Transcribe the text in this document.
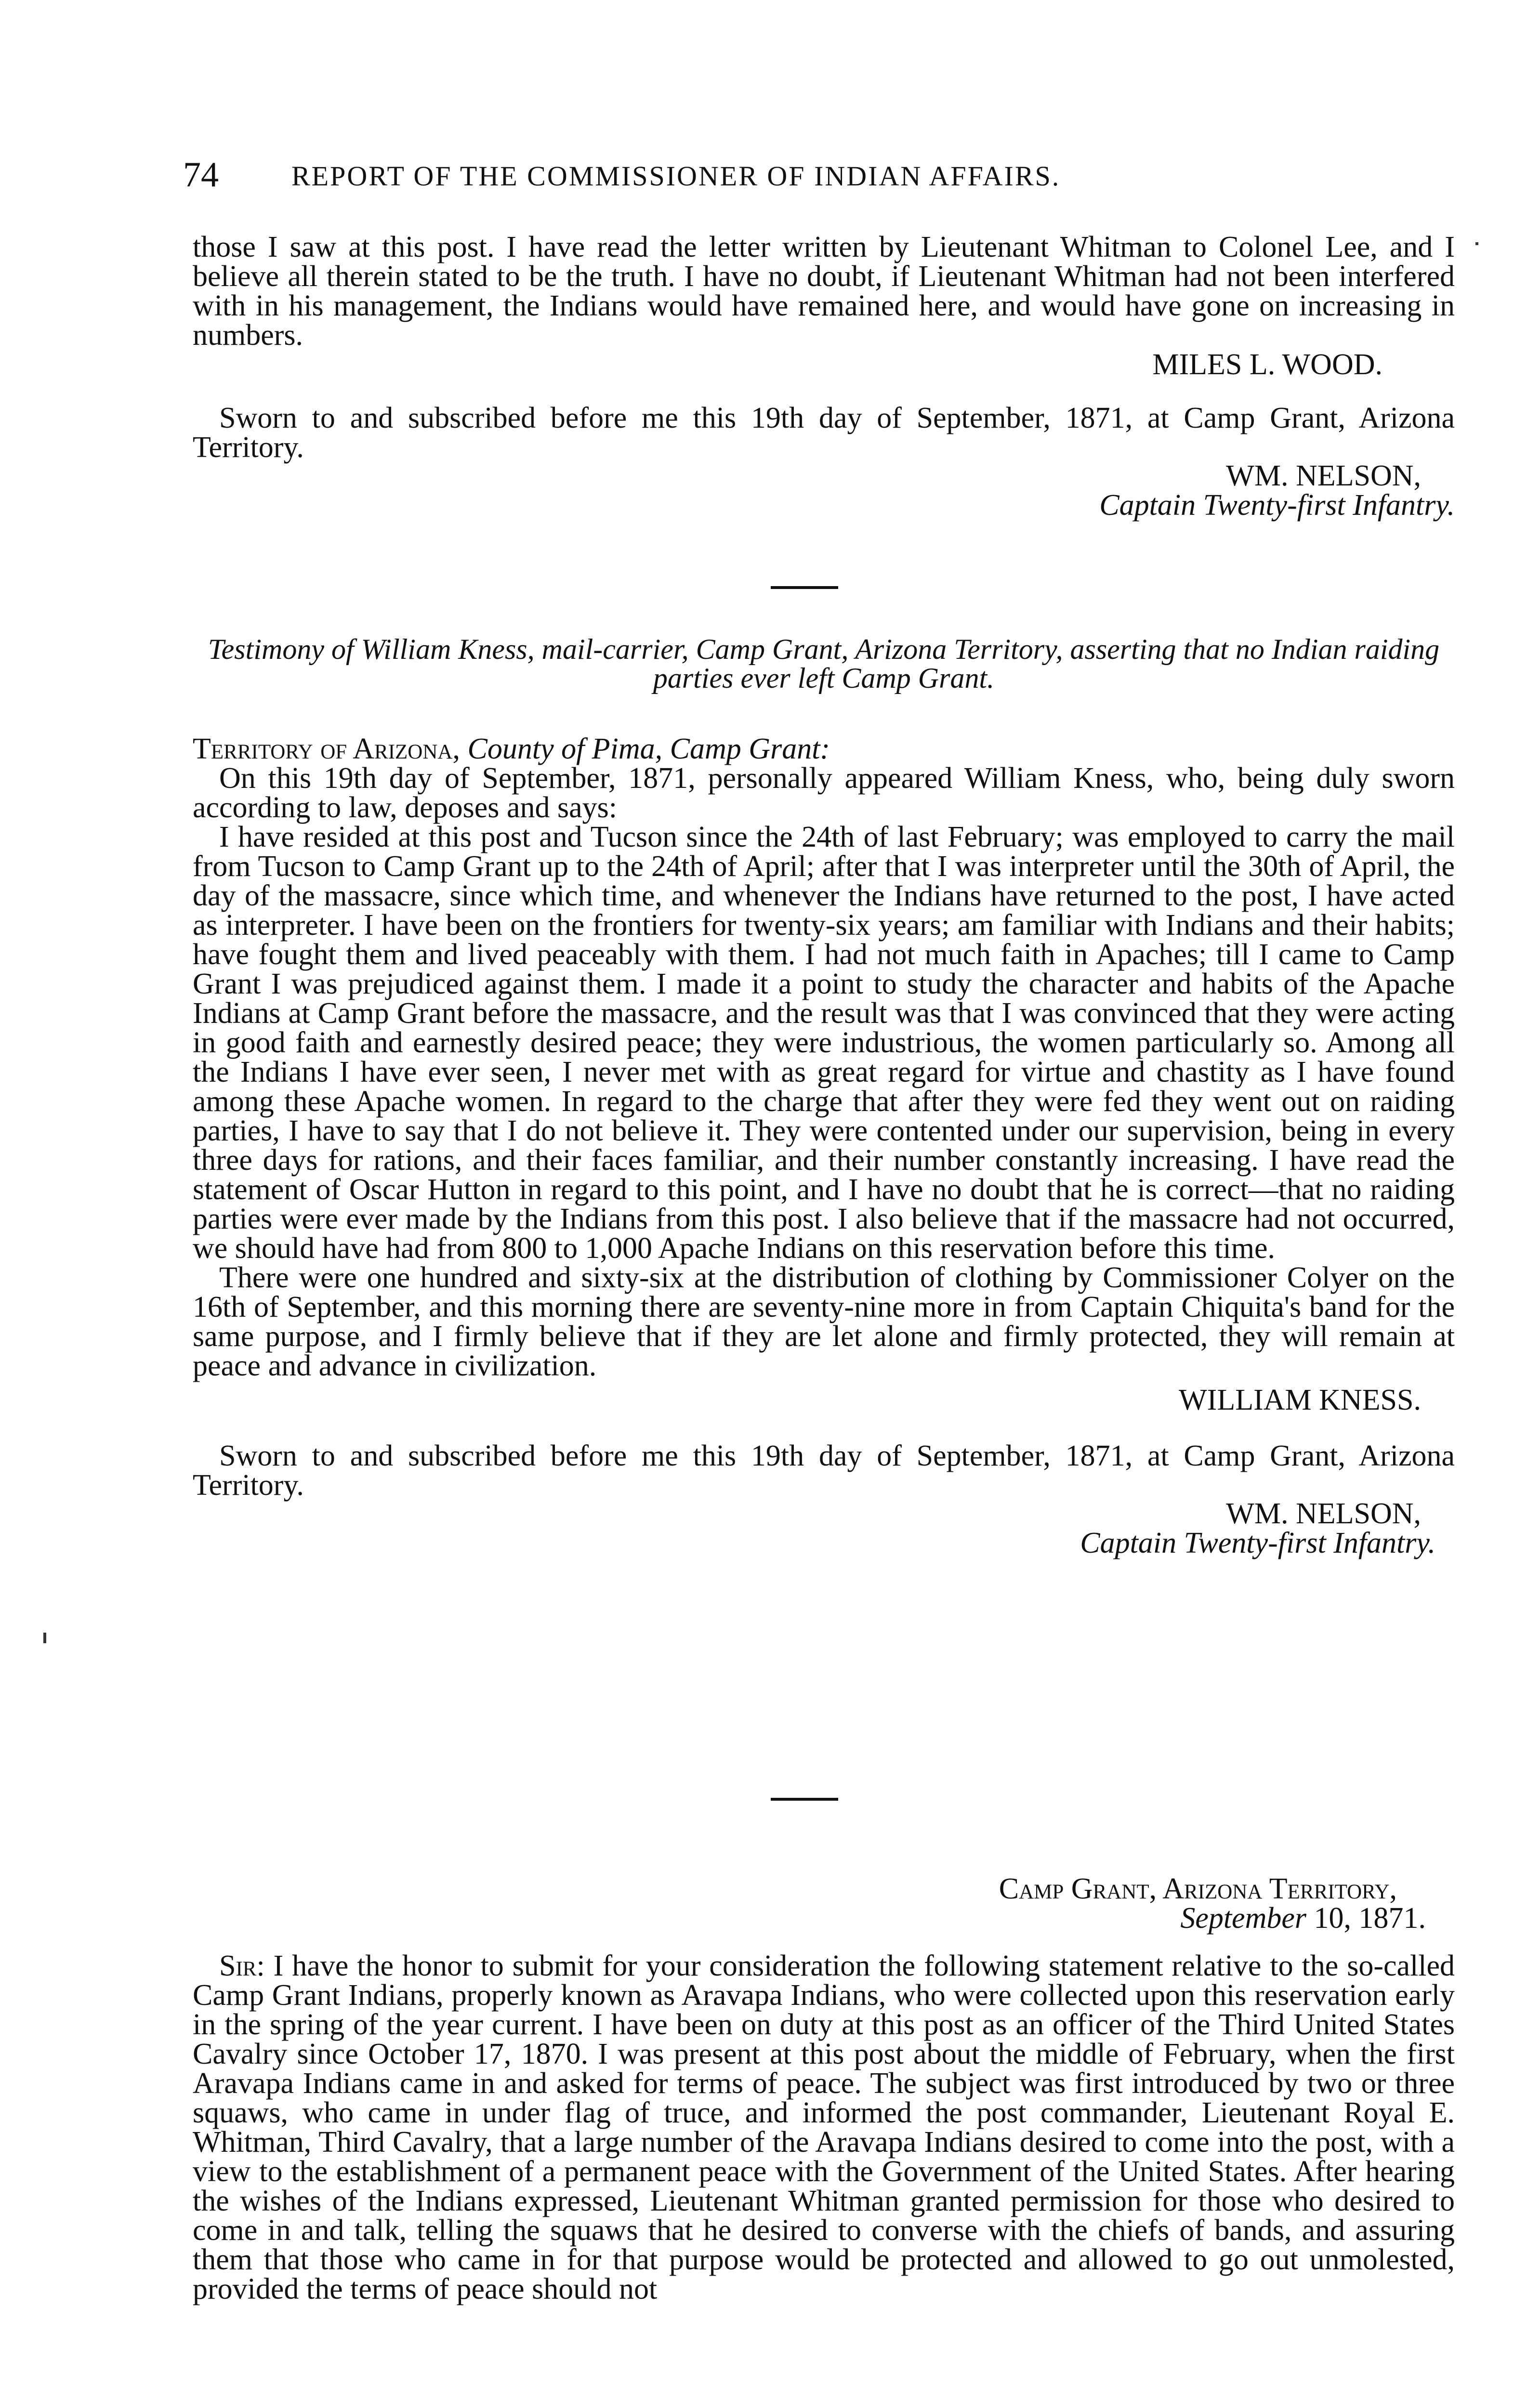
74	REPORT OF THE COMMISSIONER OF INDIAN AFFAIRS.

those I saw at this post. I have read the letter written by Lieutenant Whitman to Colonel Lee, and I believe all therein stated to be the truth. I have no doubt, if Lieutenant Whitman had not been interfered with in his management, the Indians would have remained here, and would have gone on increasing in numbers.

MILES L. WOOD.

Sworn to and subscribed before me this 19th day of September, 1871, at Camp Grant, Arizona Territory.

WM. NELSON,

Captain Twenty-first Infantry.

Testimony of William Kness, mail-carrier, Camp Grant, Arizona Territory, asserting that no Indian raiding parties ever left Camp Grant.

Territory of Arizona, County of Pima, Camp Grant:

On this 19th day of September, 1871, personally appeared William Kness, who, being duly sworn according to law, deposes and says:

I have resided at this post and Tucson since the 24th of last February; was employed to carry the mail from Tucson to Camp Grant up to the 24th of April; after that I was interpreter until the 30th of April, the day of the massacre, since which time, and whenever the Indians have returned to the post, I have acted as interpreter. I have been on the frontiers for twenty-six years; am familiar with Indians and their habits; have fought them and lived peaceably with them. I had not much faith in Apaches; till I came to Camp Grant I was prejudiced against them. I made it a point to study the character and habits of the Apache Indians at Camp Grant before the massacre, and the result was that I was convinced that they were acting in good faith and earnestly desired peace; they were industrious, the women particularly so. Among all the Indians I have ever seen, I never met with as great regard for virtue and chastity as I have found among these Apache women. In regard to the charge that after they were fed they went out on raiding parties, I have to say that I do not believe it. They were contented under our supervision, being in every three days for rations, and their faces familiar, and their number constantly increasing. I have read the statement of Oscar Hutton in regard to this point, and I have no doubt that he is correct—that no raiding parties were ever made by the Indians from this post. I also believe that if the massacre had not occurred, we should have had from 800 to 1,000 Apache Indians on this reservation before this time.

There were one hundred and sixty-six at the distribution of clothing by Commissioner Colyer on the 16th of September, and this morning there are seventy-nine more in from Captain Chiquita's band for the same purpose, and I firmly believe that if they are let alone and firmly protected, they will remain at peace and advance in civilization.

WILLIAM KNESS.

Sworn to and subscribed before me this 19th day of September, 1871, at Camp Grant, Arizona Territory.

WM. NELSON,

Captain Twenty-first Infantry.

Camp Grant, Arizona Territory,

September 10, 1871.

Sir: I have the honor to submit for your consideration the following statement relative to the so-called Camp Grant Indians, properly known as Aravapa Indians, who were collected upon this reservation early in the spring of the year current. I have been on duty at this post as an officer of the Third United States Cavalry since October 17, 1870. I was present at this post about the middle of February, when the first Aravapa Indians came in and asked for terms of peace. The subject was first introduced by two or three squaws, who came in under flag of truce, and informed the post commander, Lieutenant Royal E. Whitman, Third Cavalry, that a large number of the Aravapa Indians desired to come into the post, with a view to the establishment of a permanent peace with the Government of the United States. After hearing the wishes of the Indians expressed, Lieutenant Whitman granted permission for those who desired to come in and talk, telling the squaws that he desired to converse with the chiefs of bands, and assuring them that those who came in for that purpose would be protected and allowed to go out unmolested, provided the terms of peace should not
